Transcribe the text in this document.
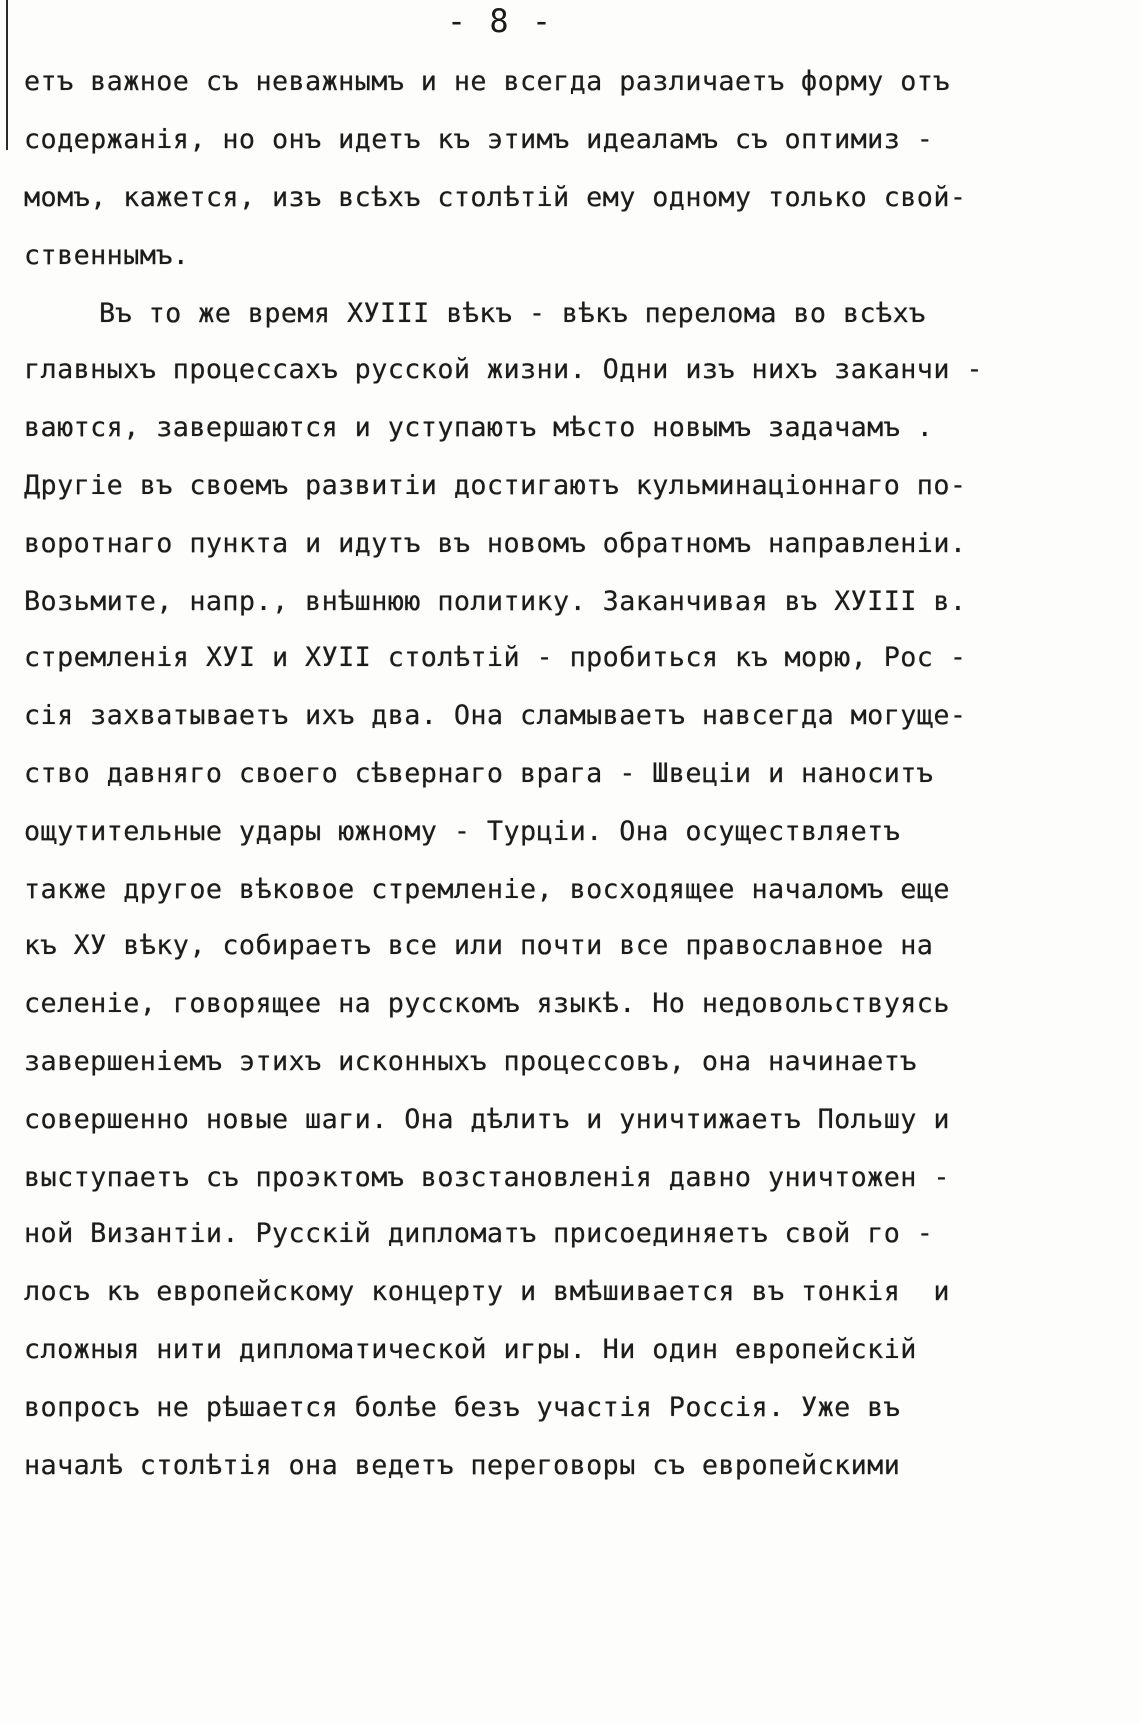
- 8 -

етъ важное съ неважнымъ и не всегда различаетъ форму отъ

содержанія, но онъ идетъ къ этимъ идеаламъ съ оптимиз -

момъ, кажется, изъ всѣхъ столѣтій ему одному только свой-

ственнымъ.

Въ то же время XУIII вѣкъ - вѣкъ перелома во всѣхъ

главныхъ процессахъ русской жизни. Одни изъ нихъ заканчи -

ваются, завершаются и уступаютъ мѣсто новымъ задачамъ .

Другіе въ своемъ развитіи достигаютъ кульминаціоннаго по-

воротнаго пункта и идутъ въ новомъ обратномъ направленіи.

Возьмите, напр., внѣшнюю политику. Заканчивая въ XУIII в.

стремленія XУI и XУII столѣтій - пробиться къ морю, Рос -

сія захватываетъ ихъ два. Она сламываетъ навсегда могуще-

ство давняго своего сѣвернаго врага - Швеціи и наноситъ

ощутительные удары южному - Турціи. Она осуществляетъ

также другое вѣковое стремленіе, восходящее началомъ еще

къ XУ вѣку, собираетъ все или почти все православное на

селеніе, говорящее на русскомъ языкѣ. Но недовольствуясь

завершеніемъ этихъ исконныхъ процессовъ, она начинаетъ

совершенно новые шаги. Она дѣлитъ и уничтижаетъ Польшу и

выступаетъ съ проэктомъ возстановленія давно уничтожен -

ной Византіи. Русскій дипломатъ присоединяетъ свой го -

лосъ къ европейскому концерту и вмѣшивается въ тонкія  и

сложныя нити дипломатической игры. Ни один европейскій

вопросъ не рѣшается болѣе безъ участія Россія. Уже въ

началѣ столѣтія она ведетъ переговоры съ европейскими
